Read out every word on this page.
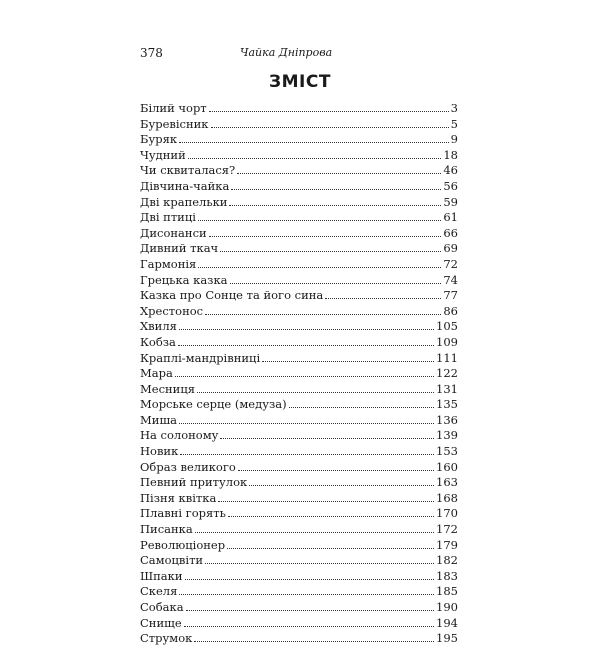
378	Чайка Дніпрова
ЗМІСТ
Білий чорт	3
Буревісник	5
Буряк	9
Чудний	18
Чи сквиталася?	46
Дівчина-чайка	56
Дві крапельки	59
Дві птиці	61
Дисонанси	66
Дивний ткач	69
Гармонія	72
Грецька казка	74
Казка про Сонце та його сина	77
Хрестонос	86
Хвиля	105
Кобза	109
Краплі-мандрівниці	111
Мара	122
Месниця	131
Морське серце (медуза)	135
Миша	136
На солоному	139
Новик	153
Образ великого	160
Певний притулок	163
Пізня квітка	168
Плавні горять	170
Писанка	172
Революціонер	179
Самоцвіти	182
Шпаки	183
Скеля	185
Собака	190
Снище	194
Струмок	195
